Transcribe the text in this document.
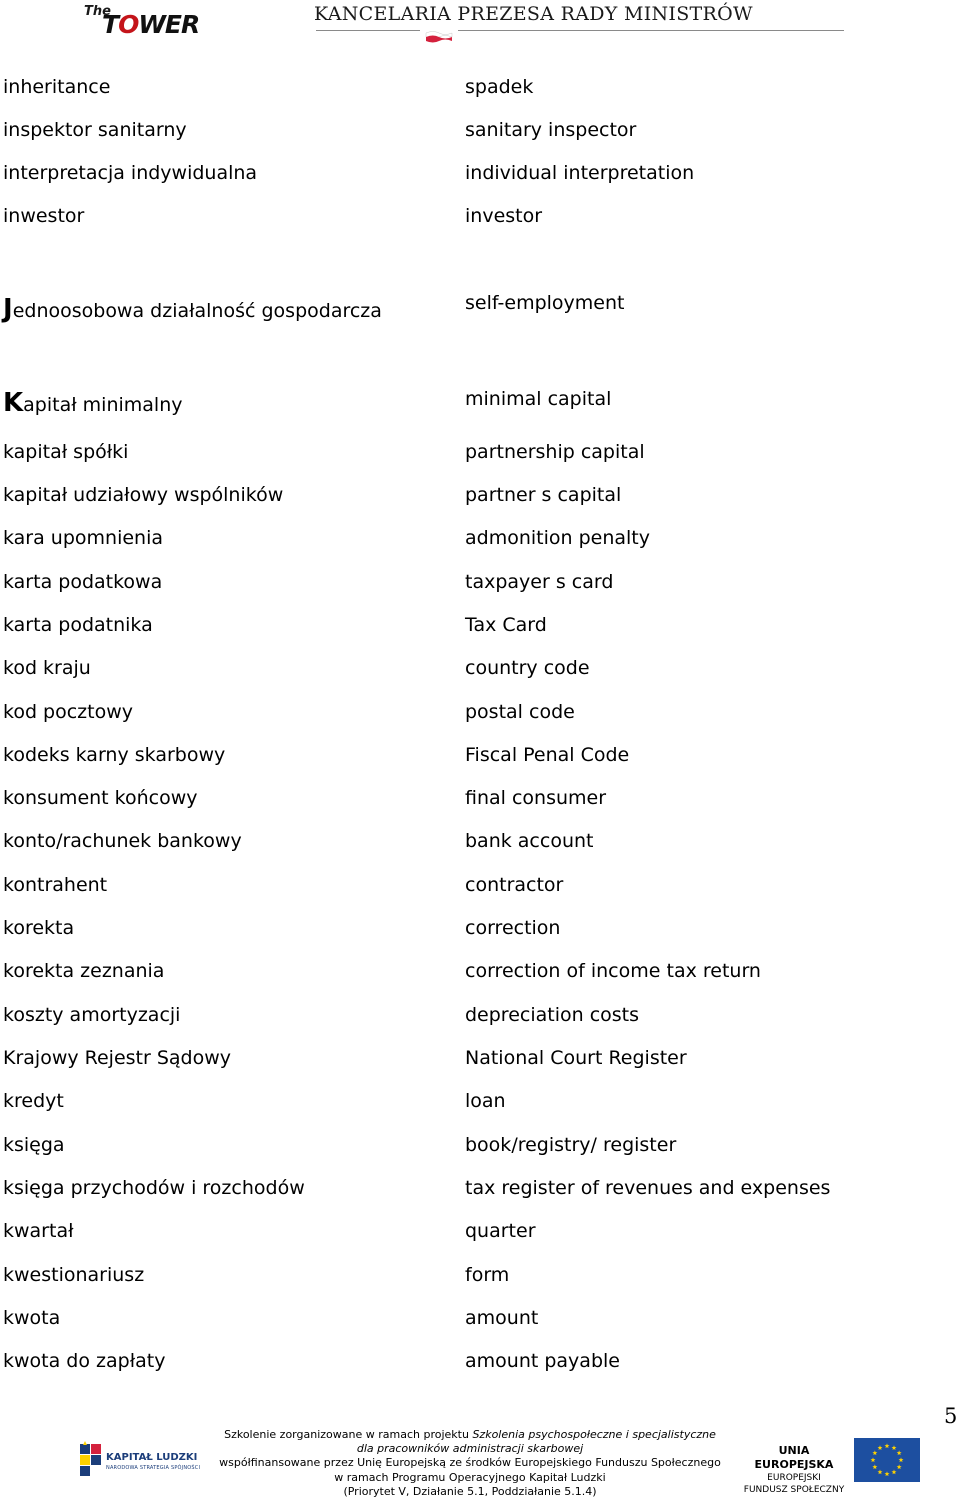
The
TOWER	KANCELARIA PREZESA RADY MINISTRÓW
inheritance	spadek
inspektor sanitarny	sanitary inspector
interpretacja indywidualna	individual interpretation
inwestor	investor
Jednoosobowa działalność gospodarcza	self-employment
Kapitał minimalny	minimal capital
kapitał spółki	partnership capital
kapitał udziałowy wspólników	partner s capital
kara upomnienia	admonition penalty
karta podatkowa	taxpayer s card
karta podatnika	Tax Card
kod kraju	country code
kod pocztowy	postal code
kodeks karny skarbowy	Fiscal Penal Code
konsument końcowy	final consumer
konto/rachunek bankowy	bank account
kontrahent	contractor
korekta	correction
korekta zeznania	correction of income tax return
koszty amortyzacji	depreciation costs
Krajowy Rejestr Sądowy	National Court Register
kredyt	loan
księga	book/registry/ register
księga przychodów i rozchodów	tax register of revenues and expenses
kwartał	quarter
kwestionariusz	form
kwota	amount
kwota do zapłaty	amount payable
5
KAPITAŁ LUDZKI
NARODOWA STRATEGIA SPÓJNOŚCI
Szkolenie zorganizowane w ramach projektu Szkolenia psychospołeczne i specjalistyczne
dla pracowników administracji skarbowej
współfinansowane przez Unię Europejską ze środków Europejskiego Funduszu Społecznego
w ramach Programu Operacyjnego Kapitał Ludzki
(Priorytet V, Działanie 5.1, Poddziałanie 5.1.4)
UNIA EUROPEJSKA
EUROPEJSKI
FUNDUSZ SPOŁECZNY
